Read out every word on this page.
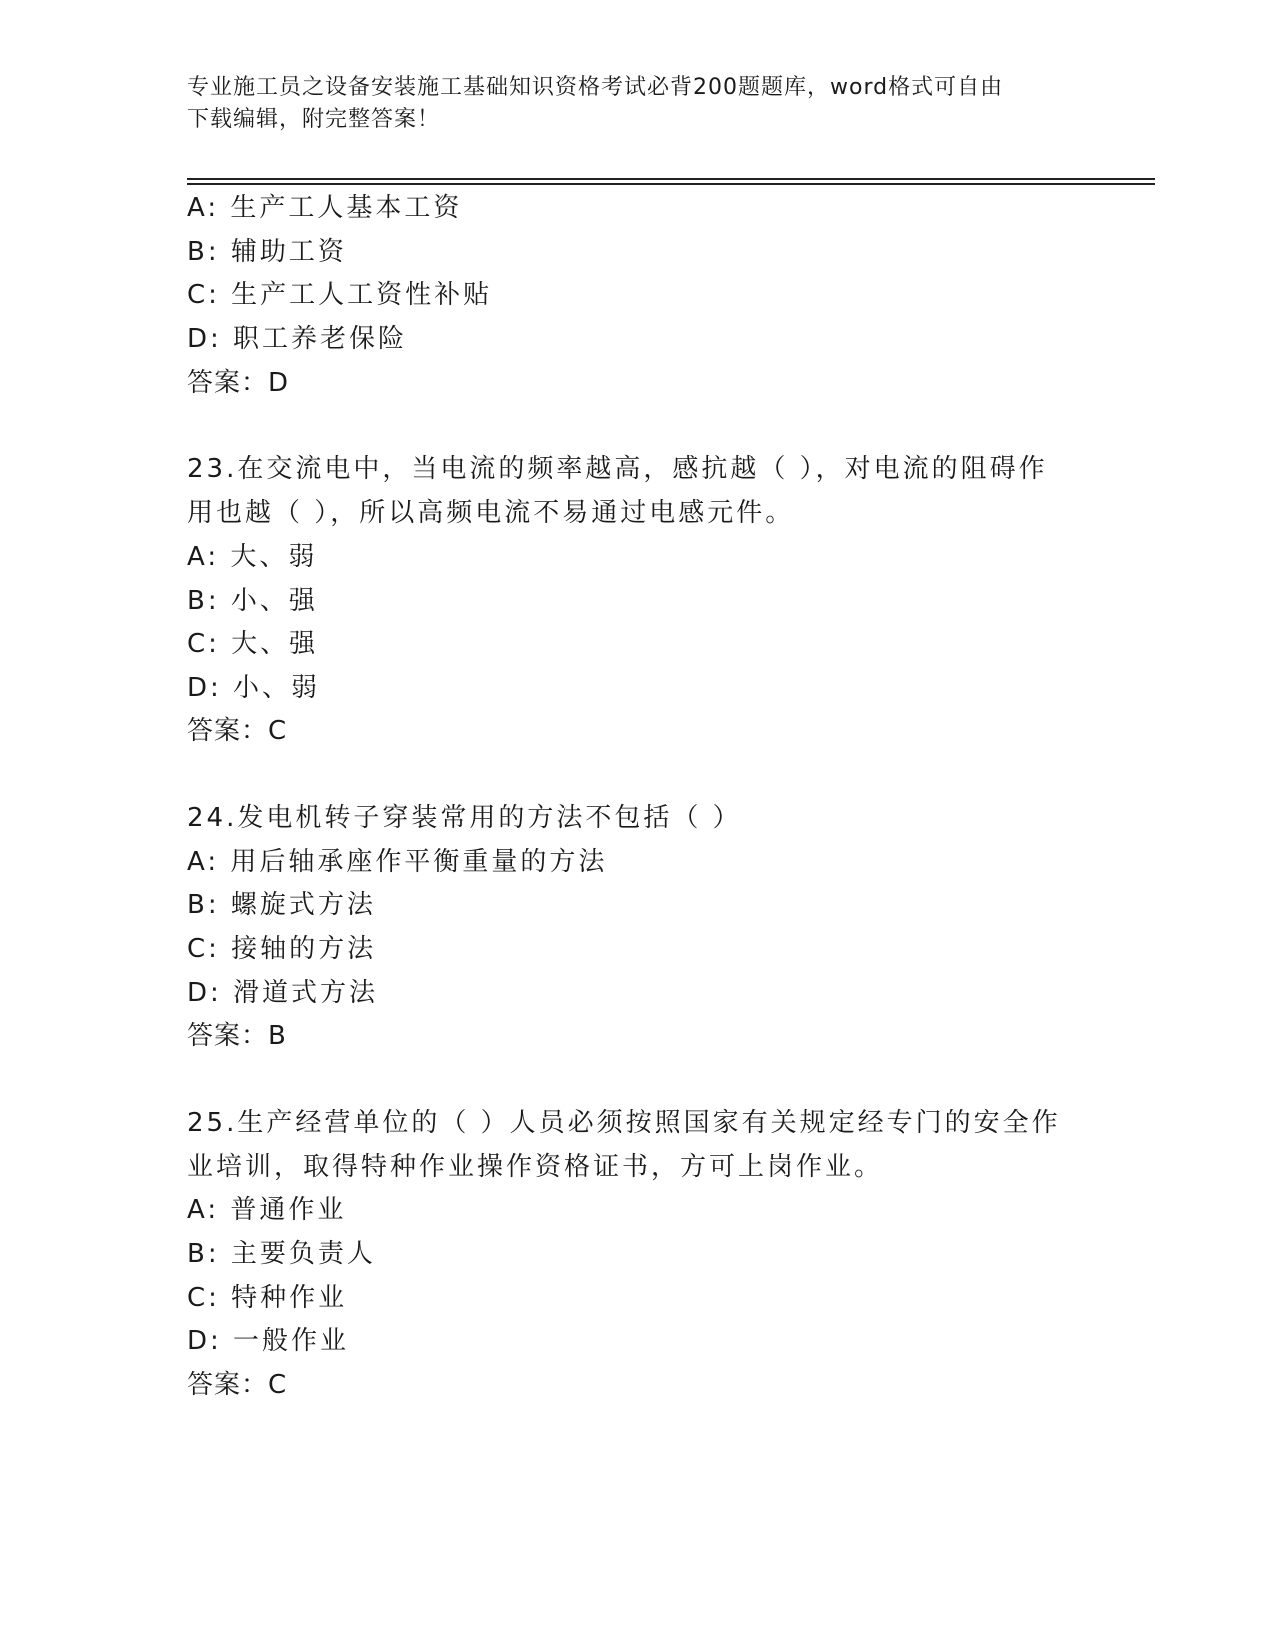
专业施工员之设备安装施工基础知识资格考试必背200题题库，word格式可自由
下载编辑，附完整答案！
A: 生产工人基本工资
B: 辅助工资
C: 生产工人工资性补贴
D: 职工养老保险
答案：D
23.在交流电中，当电流的频率越高，感抗越（ ），对电流的阻碍作
用也越（ ），所以高频电流不易通过电感元件。
A: 大、弱
B: 小、强
C: 大、强
D: 小、弱
答案：C
24.发电机转子穿装常用的方法不包括（ ）
A: 用后轴承座作平衡重量的方法
B: 螺旋式方法
C: 接轴的方法
D: 滑道式方法
答案：B
25.生产经营单位的（ ）人员必须按照国家有关规定经专门的安全作
业培训，取得特种作业操作资格证书，方可上岗作业。
A: 普通作业
B: 主要负责人
C: 特种作业
D: 一般作业
答案：C
